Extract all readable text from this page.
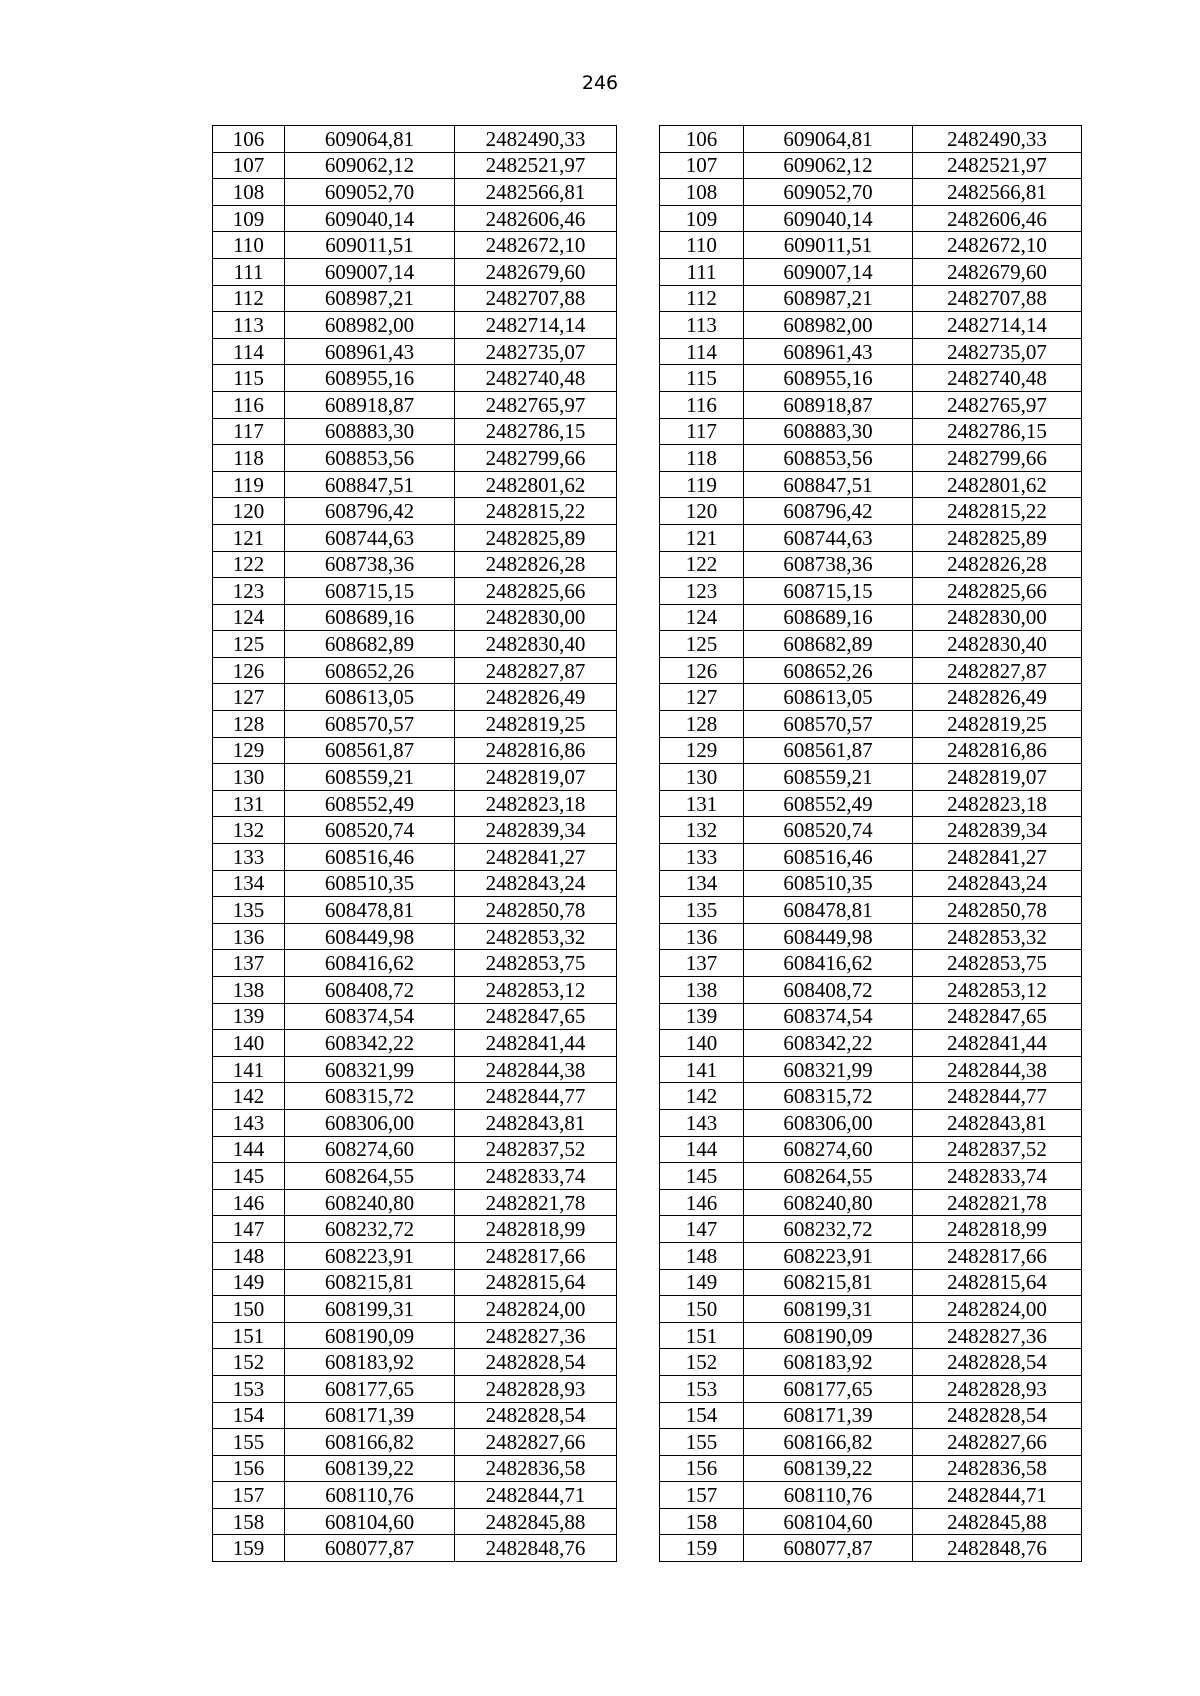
246
106	609064,81	2482490,33		106	609064,81	2482490,33
107	609062,12	2482521,97		107	609062,12	2482521,97
108	609052,70	2482566,81		108	609052,70	2482566,81
109	609040,14	2482606,46		109	609040,14	2482606,46
110	609011,51	2482672,10		110	609011,51	2482672,10
111	609007,14	2482679,60		111	609007,14	2482679,60
112	608987,21	2482707,88		112	608987,21	2482707,88
113	608982,00	2482714,14		113	608982,00	2482714,14
114	608961,43	2482735,07		114	608961,43	2482735,07
115	608955,16	2482740,48		115	608955,16	2482740,48
116	608918,87	2482765,97		116	608918,87	2482765,97
117	608883,30	2482786,15		117	608883,30	2482786,15
118	608853,56	2482799,66		118	608853,56	2482799,66
119	608847,51	2482801,62		119	608847,51	2482801,62
120	608796,42	2482815,22		120	608796,42	2482815,22
121	608744,63	2482825,89		121	608744,63	2482825,89
122	608738,36	2482826,28		122	608738,36	2482826,28
123	608715,15	2482825,66		123	608715,15	2482825,66
124	608689,16	2482830,00		124	608689,16	2482830,00
125	608682,89	2482830,40		125	608682,89	2482830,40
126	608652,26	2482827,87		126	608652,26	2482827,87
127	608613,05	2482826,49		127	608613,05	2482826,49
128	608570,57	2482819,25		128	608570,57	2482819,25
129	608561,87	2482816,86		129	608561,87	2482816,86
130	608559,21	2482819,07		130	608559,21	2482819,07
131	608552,49	2482823,18		131	608552,49	2482823,18
132	608520,74	2482839,34		132	608520,74	2482839,34
133	608516,46	2482841,27		133	608516,46	2482841,27
134	608510,35	2482843,24		134	608510,35	2482843,24
135	608478,81	2482850,78		135	608478,81	2482850,78
136	608449,98	2482853,32		136	608449,98	2482853,32
137	608416,62	2482853,75		137	608416,62	2482853,75
138	608408,72	2482853,12		138	608408,72	2482853,12
139	608374,54	2482847,65		139	608374,54	2482847,65
140	608342,22	2482841,44		140	608342,22	2482841,44
141	608321,99	2482844,38		141	608321,99	2482844,38
142	608315,72	2482844,77		142	608315,72	2482844,77
143	608306,00	2482843,81		143	608306,00	2482843,81
144	608274,60	2482837,52		144	608274,60	2482837,52
145	608264,55	2482833,74		145	608264,55	2482833,74
146	608240,80	2482821,78		146	608240,80	2482821,78
147	608232,72	2482818,99		147	608232,72	2482818,99
148	608223,91	2482817,66		148	608223,91	2482817,66
149	608215,81	2482815,64		149	608215,81	2482815,64
150	608199,31	2482824,00		150	608199,31	2482824,00
151	608190,09	2482827,36		151	608190,09	2482827,36
152	608183,92	2482828,54		152	608183,92	2482828,54
153	608177,65	2482828,93		153	608177,65	2482828,93
154	608171,39	2482828,54		154	608171,39	2482828,54
155	608166,82	2482827,66		155	608166,82	2482827,66
156	608139,22	2482836,58		156	608139,22	2482836,58
157	608110,76	2482844,71		157	608110,76	2482844,71
158	608104,60	2482845,88		158	608104,60	2482845,88
159	608077,87	2482848,76		159	608077,87	2482848,76
